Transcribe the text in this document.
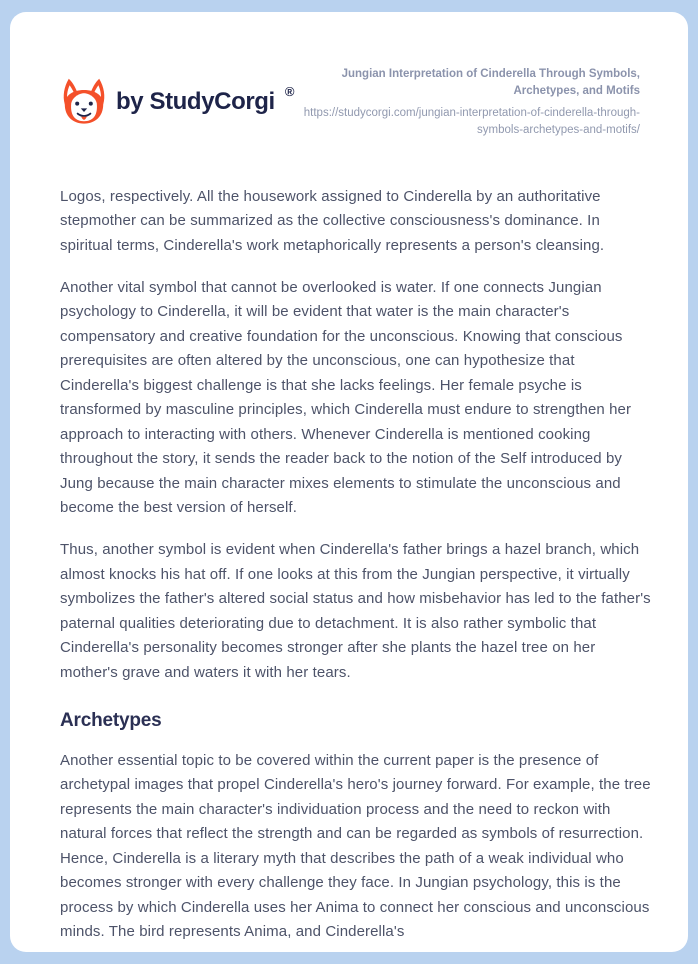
by StudyCorgi ®
Jungian Interpretation of Cinderella Through Symbols, Archetypes, and Motifs
https://studycorgi.com/jungian-interpretation-of-cinderella-through-symbols-archetypes-and-motifs/

Logos, respectively. All the housework assigned to Cinderella by an authoritative stepmother can be summarized as the collective consciousness's dominance. In spiritual terms, Cinderella's work metaphorically represents a person's cleansing.

Another vital symbol that cannot be overlooked is water. If one connects Jungian psychology to Cinderella, it will be evident that water is the main character's compensatory and creative foundation for the unconscious. Knowing that conscious prerequisites are often altered by the unconscious, one can hypothesize that Cinderella's biggest challenge is that she lacks feelings. Her female psyche is transformed by masculine principles, which Cinderella must endure to strengthen her approach to interacting with others. Whenever Cinderella is mentioned cooking throughout the story, it sends the reader back to the notion of the Self introduced by Jung because the main character mixes elements to stimulate the unconscious and become the best version of herself.

Thus, another symbol is evident when Cinderella's father brings a hazel branch, which almost knocks his hat off. If one looks at this from the Jungian perspective, it virtually symbolizes the father's altered social status and how misbehavior has led to the father's paternal qualities deteriorating due to detachment. It is also rather symbolic that Cinderella's personality becomes stronger after she plants the hazel tree on her mother's grave and waters it with her tears.

Archetypes

Another essential topic to be covered within the current paper is the presence of archetypal images that propel Cinderella's hero's journey forward. For example, the tree represents the main character's individuation process and the need to reckon with natural forces that reflect the strength and can be regarded as symbols of resurrection. Hence, Cinderella is a literary myth that describes the path of a weak individual who becomes stronger with every challenge they face. In Jungian psychology, this is the process by which Cinderella uses her Anima to connect her conscious and unconscious minds. The bird represents Anima, and Cinderella's
